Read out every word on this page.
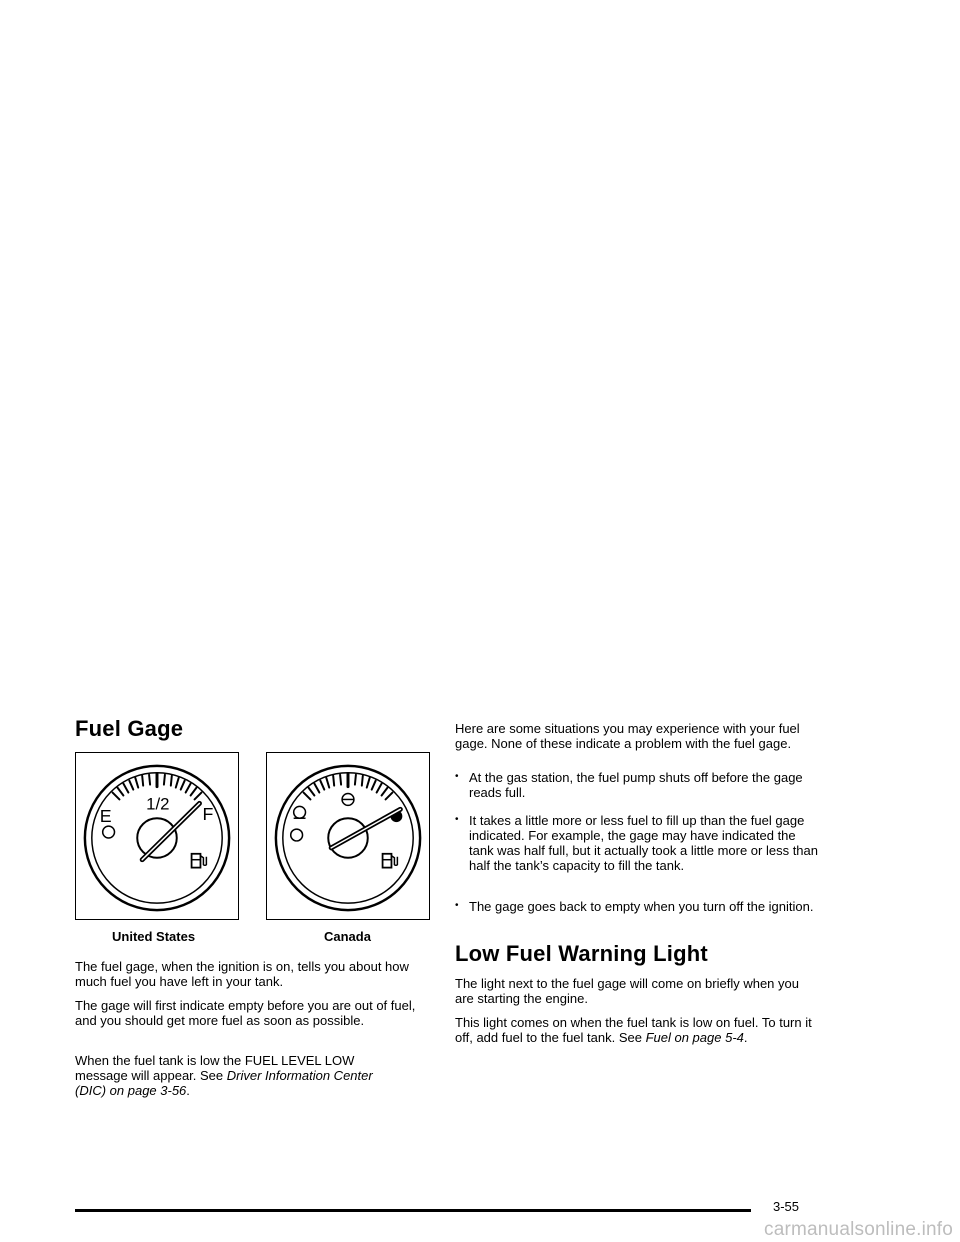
Fuel Gage
E
1/2
F
United States	Canada

The fuel gage, when the ignition is on, tells you about how much fuel you have left in your tank.

The gage will first indicate empty before you are out of fuel, and you should get more fuel as soon as possible.

When the fuel tank is low the FUEL LEVEL LOW message will appear. See Driver Information Center (DIC) on page 3-56.

Here are some situations you may experience with your fuel gage. None of these indicate a problem with the fuel gage.

• At the gas station, the fuel pump shuts off before the gage reads full.
• It takes a little more or less fuel to fill up than the fuel gage indicated. For example, the gage may have indicated the tank was half full, but it actually took a little more or less than half the tank’s capacity to fill the tank.
• The gage goes back to empty when you turn off the ignition.
Low Fuel Warning Light

The light next to the fuel gage will come on briefly when you are starting the engine.

This light comes on when the fuel tank is low on fuel. To turn it off, add fuel to the fuel tank. See Fuel on page 5-4.

3-55
carmanualsonline.info
